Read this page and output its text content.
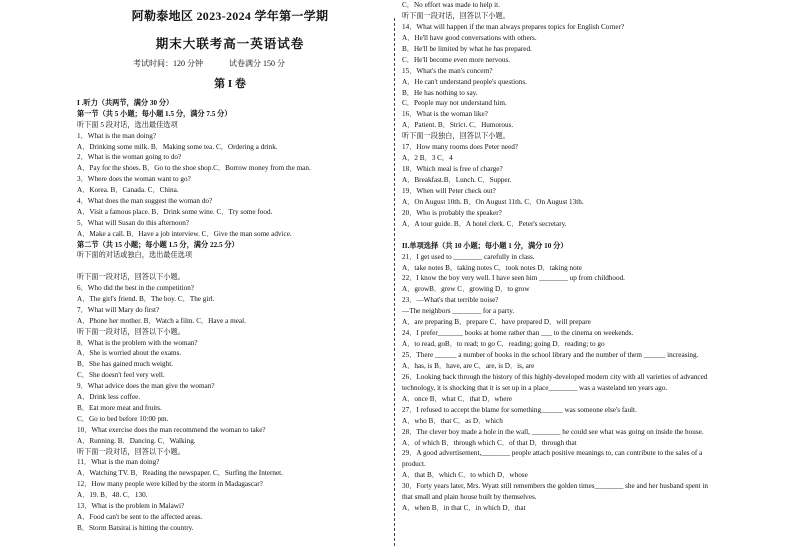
阿勒泰地区 2023-2024 学年第一学期
期末大联考高一英语试卷
考试时间：120 分钟	试卷满分 150 分
第 I 卷
I .听力（共两节，满分 30 分）
第一节（共 5 小题；每小题 1.5 分，满分 7.5 分）
听下面 5 段对话，选出最佳选项
1．What is the man doing?
A．Drinking some milk. B．Making some tea. C．Ordering a drink.
2．What is the woman going to do?
A．Pay for the shoes. B．Go to the shoe shop.C．Borrow money from the man.
3．Where does the woman want to go?
A．Korea. B．Canada. C．China.
4．What does the man suggest the woman do?
A．Visit a famous place. B．Drink some wine. C．Try some food.
5．What will Susan do this afternoon?
A．Make a call. B．Have a job interview. C．Give the man some advice.
第二节（共 15 小题；每小题 1.5 分，满分 22.5 分）
听下面的对话或独白，选出最佳选项
听下面一段对话，回答以下小题。
6．Who did the best in the competition?
A．The girl's friend. B．The boy. C．The girl.
7．What will Mary do first?
A．Phone her mother. B．Watch a film. C．Have a meal.
听下面一段对话，回答以下小题。
8．What is the problem with the woman?
A．She is worried about the exams.
B．She has gained much weight.
C．She doesn't feel very well.
9．What advice does the man give the woman?
A．Drink less coffee.
B．Eat more meat and fruits.
C．Go to bed before 10:00 pm.
10．What exercise does the man recommend the woman to take?
A．Running. B．Dancing. C．Walking.
听下面一段对话，回答以下小题。
11．What is the man doing?
A．Watching TV. B．Reading the newspaper. C．Surfing the Internet.
12．How many people were killed by the storm in Madagascar?
A．19. B．48. C．130.
13．What is the problem in Malawi?
A．Food can't be sent to the affected areas.
B．Storm Batsirai is hitting the country.
C．No effort was made to help it.
听下面一段对话，回答以下小题。
14．What will happen if the man always prepares topics for English Corner?
A．He'll have good conversations with others.
B．He'll be limited by what he has prepared.
C．He'll become even more nervous.
15．What's the man's concern?
A．He can't understand people's questions.
B．He has nothing to say.
C．People may not understand him.
16．What is the woman like?
A．Patient. B．Strict. C．Humorous.
听下面一段独白，回答以下小题。
17．How many rooms does Peter need?
A．2 B．3 C．4
18．Which meal is free of charge?
A．Breakfast.B．Lunch. C．Supper.
19．When will Peter check out?
A．On August 10th. B．On August 11th. C．On August 13th.
20．Who is probably the speaker?
A．A tour guide. B．A hotel clerk. C．Peter's secretary.
II.单项选择（共 10 小题；每小题 1 分，满分 10 分）
21．I get used to ________ carefully in class.
A．take notes B．taking notes C．took notes D．taking note
22．I know the boy very well. I have seen him ________ up from childhood.
A．growB．grew C．growing D．to grow
23．—What's that terrible noise?
—The neighbors ________ for a party.
A．are preparing B．prepare C．have prepared D．will prepare
24．I prefer_______ books at home rather than ___ to the cinema on weekends.
A．to read, goB．to read; to go C．reading; going D．reading; to go
25．There ______ a number of books in the school library and the number of them ______ increasing.
A．has, is B．have, are C．are, is D．is, are
26．Looking back through the history of this highly-developed modern city with all varieties of advanced
technology, it is shocking that it is set up in a place________ was a wasteland ten years ago.
A．once B．what C．that D．where
27．I refused to accept the blame for something______ was someone else's fault.
A．who B．that C．as D．which
28．The clever boy made a hole in the wall, ________ he could see what was going on inside the house.
A．of which B．through which C．of that D．through that
29．A good advertisement,________ people attach positive meanings to, can contribute to the sales of a
product.
A．that B．which C．to which D．whose
30．Forty years later, Mrs. Wyatt still remembers the golden times________ she and her husband spent in
that small and plain house built by themselves.
A．when B．in that C．in which D．that
